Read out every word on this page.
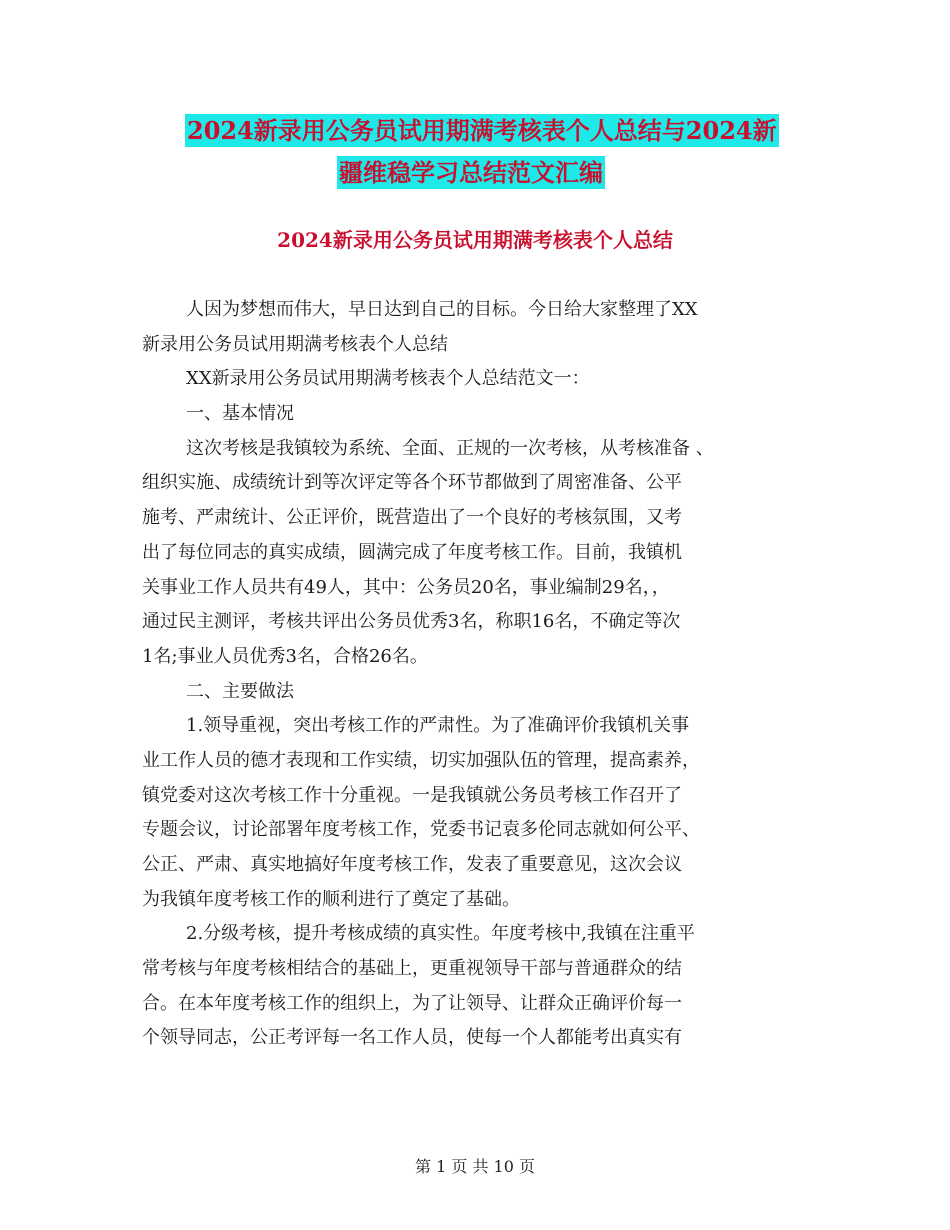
2024新录用公务员试用期满考核表个人总结与2024新
疆维稳学习总结范文汇编
2024新录用公务员试用期满考核表个人总结
人因为梦想而伟大，早日达到自己的目标。今日给大家整理了XX
新录用公务员试用期满考核表个人总结
XX新录用公务员试用期满考核表个人总结范文一：
一、基本情况
这次考核是我镇较为系统、全面、正规的一次考核，从考核准备 、
组织实施、成绩统计到等次评定等各个环节都做到了周密准备、公平
施考、严肃统计、公正评价，既营造出了一个良好的考核氛围，又考
出了每位同志的真实成绩，圆满完成了年度考核工作。目前，我镇机
关事业工作人员共有49人，其中：公务员20名，事业编制29名，，
通过民主测评，考核共评出公务员优秀3名，称职16名，不确定等次
1名;事业人员优秀3名，合格26名。
二、主要做法
1.领导重视，突出考核工作的严肃性。为了准确评价我镇机关事
业工作人员的德才表现和工作实绩，切实加强队伍的管理，提高素养，
镇党委对这次考核工作十分重视。一是我镇就公务员考核工作召开了
专题会议，讨论部署年度考核工作，党委书记袁多伦同志就如何公平、
公正、严肃、真实地搞好年度考核工作，发表了重要意见，这次会议
为我镇年度考核工作的顺利进行了奠定了基础。
2.分级考核，提升考核成绩的真实性。年度考核中,我镇在注重平
常考核与年度考核相结合的基础上，更重视领导干部与普通群众的结
合。在本年度考核工作的组织上，为了让领导、让群众正确评价每一
个领导同志，公正考评每一名工作人员，使每一个人都能考出真实有
第 1 页 共 10 页
